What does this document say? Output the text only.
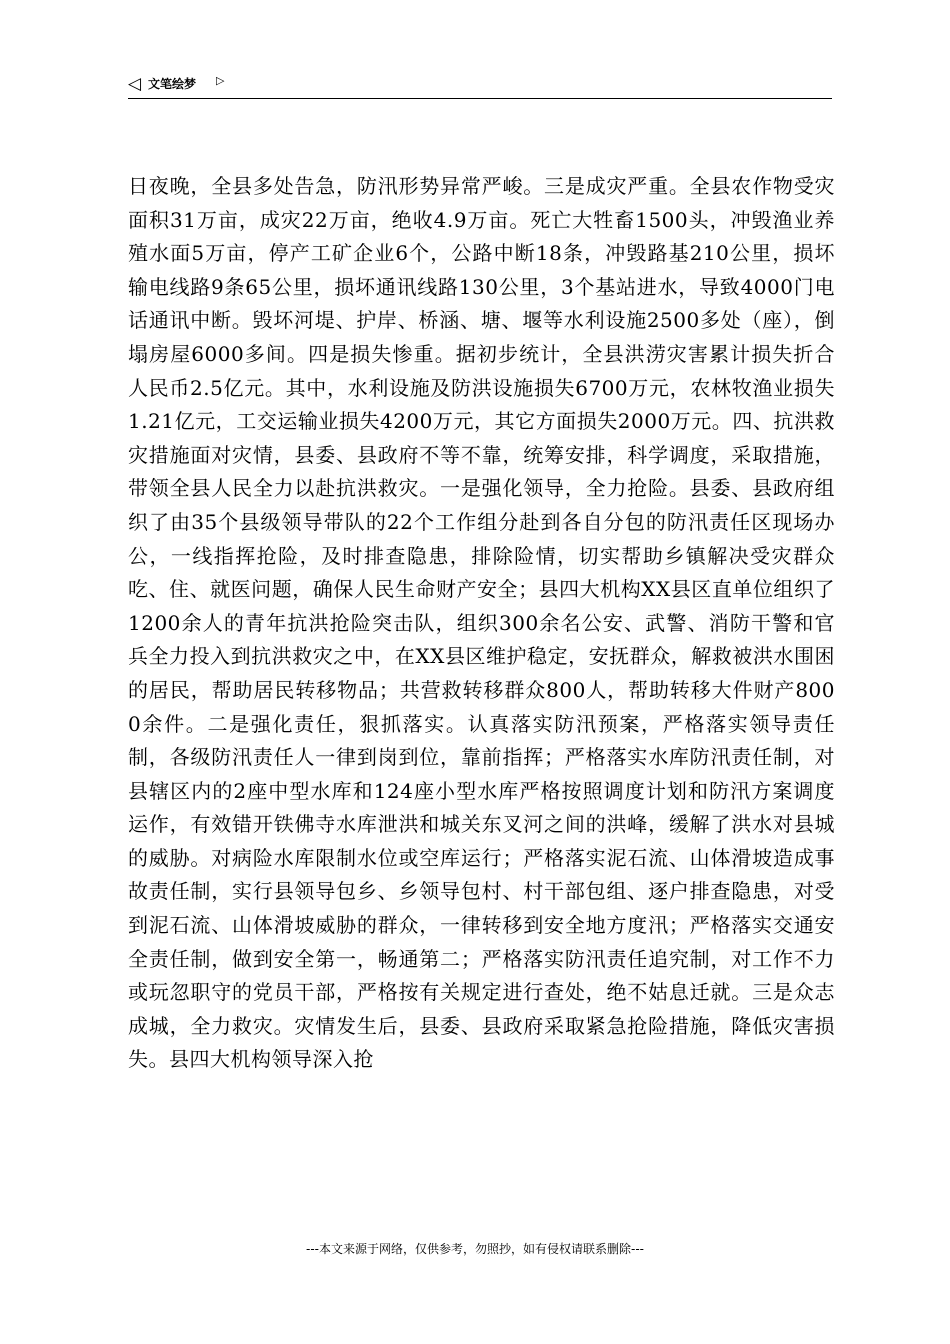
◁ 文笔绘梦 ▷

日夜晚，全县多处告急，防汛形势异常严峻。三是成灾严重。全县农作物受灾面积31万亩，成灾22万亩，绝收4.9万亩。死亡大牲畜1500头，冲毁渔业养殖水面5万亩，停产工矿企业6个，公路中断18条，冲毁路基210公里，损坏输电线路9条65公里，损坏通讯线路130公里，3个基站进水，导致4000门电话通讯中断。毁坏河堤、护岸、桥涵、塘、堰等水利设施2500多处（座），倒塌房屋6000多间。四是损失惨重。据初步统计，全县洪涝灾害累计损失折合人民币2.5亿元。其中，水利设施及防洪设施损失6700万元，农林牧渔业损失1.21亿元，工交运输业损失4200万元，其它方面损失2000万元。四、抗洪救灾措施面对灾情，县委、县政府不等不靠，统筹安排，科学调度，采取措施，带领全县人民全力以赴抗洪救灾。一是强化领导，全力抢险。县委、县政府组织了由35个县级领导带队的22个工作组分赴到各自分包的防汛责任区现场办公，一线指挥抢险，及时排查隐患，排除险情，切实帮助乡镇解决受灾群众吃、住、就医问题，确保人民生命财产安全；县四大机构XX县区直单位组织了1200余人的青年抗洪抢险突击队，组织300余名公安、武警、消防干警和官兵全力投入到抗洪救灾之中，在XX县区维护稳定，安抚群众，解救被洪水围困的居民，帮助居民转移物品；共营救转移群众800人，帮助转移大件财产8000余件。二是强化责任，狠抓落实。认真落实防汛预案，严格落实领导责任制，各级防汛责任人一律到岗到位，靠前指挥；严格落实水库防汛责任制，对县辖区内的2座中型水库和124座小型水库严格按照调度计划和防汛方案调度运作，有效错开铁佛寺水库泄洪和城关东叉河之间的洪峰，缓解了洪水对县城的威胁。对病险水库限制水位或空库运行；严格落实泥石流、山体滑坡造成事故责任制，实行县领导包乡、乡领导包村、村干部包组、逐户排查隐患，对受到泥石流、山体滑坡威胁的群众，一律转移到安全地方度汛；严格落实交通安全责任制，做到安全第一，畅通第二；严格落实防汛责任追究制，对工作不力或玩忽职守的党员干部，严格按有关规定进行查处，绝不姑息迁就。三是众志成城，全力救灾。灾情发生后，县委、县政府采取紧急抢险措施，降低灾害损失。县四大机构领导深入抢

---本文来源于网络，仅供参考，勿照抄，如有侵权请联系删除---
